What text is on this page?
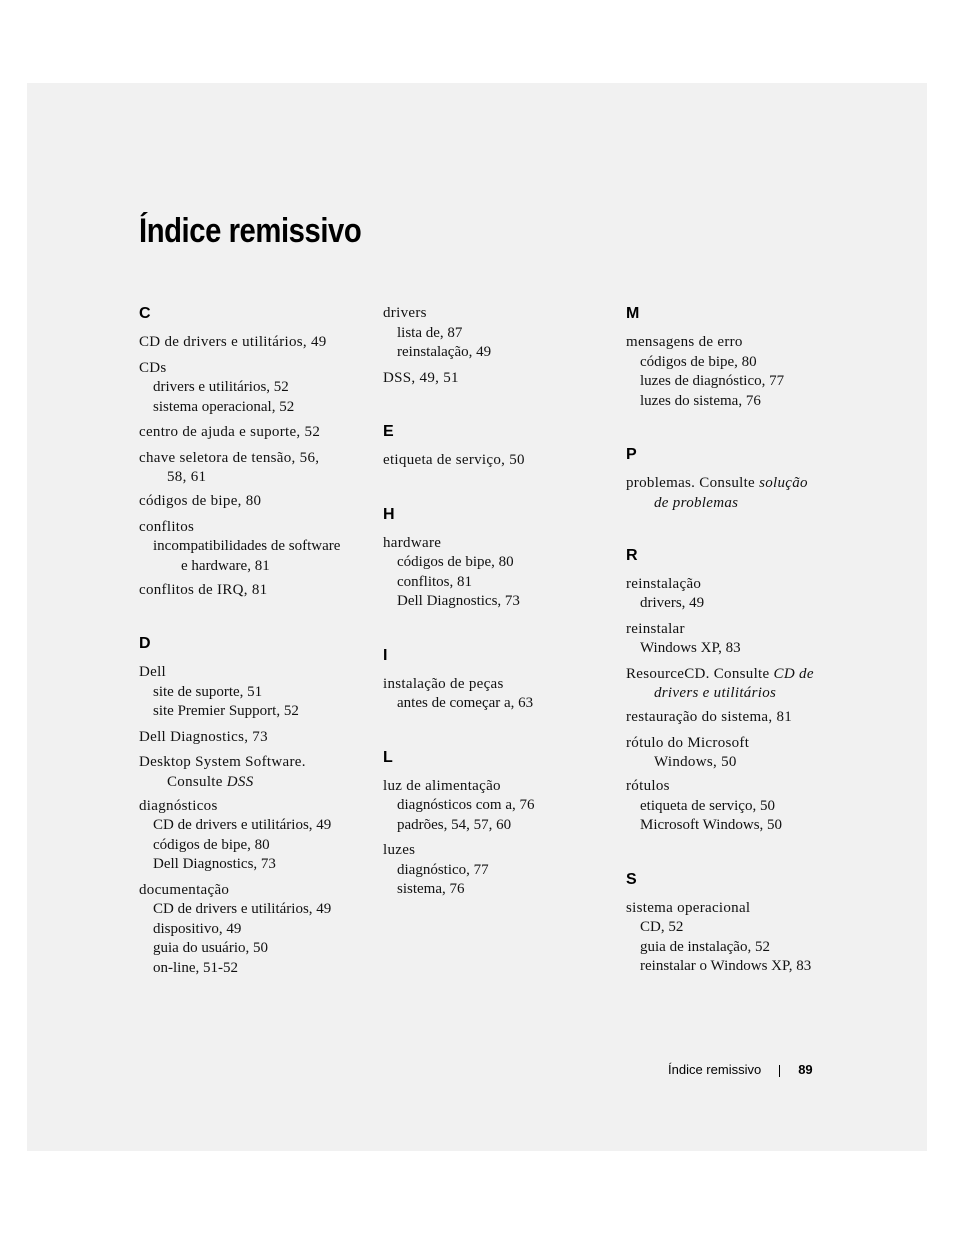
Índice remissivo
C
CD de drivers e utilitários, 49
CDs
drivers e utilitários, 52
sistema operacional, 52
centro de ajuda e suporte, 52
chave seletora de tensão, 56,
58, 61
códigos de bipe, 80
conflitos
incompatibilidades de software
e hardware, 81
conflitos de IRQ, 81
D
Dell
site de suporte, 51
site Premier Support, 52
Dell Diagnostics, 73
Desktop System Software.
Consulte DSS
diagnósticos
CD de drivers e utilitários, 49
códigos de bipe, 80
Dell Diagnostics, 73
documentação
CD de drivers e utilitários, 49
dispositivo, 49
guia do usuário, 50
on-line, 51-52
drivers
lista de, 87
reinstalação, 49
DSS, 49, 51
E
etiqueta de serviço, 50
H
hardware
códigos de bipe, 80
conflitos, 81
Dell Diagnostics, 73
I
instalação de peças
antes de começar a, 63
L
luz de alimentação
diagnósticos com a, 76
padrões, 54, 57, 60
luzes
diagnóstico, 77
sistema, 76
M
mensagens de erro
códigos de bipe, 80
luzes de diagnóstico, 77
luzes do sistema, 76
P
problemas. Consulte solução
de problemas
R
reinstalação
drivers, 49
reinstalar
Windows XP, 83
ResourceCD. Consulte CD de
drivers e utilitários
restauração do sistema, 81
rótulo do Microsoft
Windows, 50
rótulos
etiqueta de serviço, 50
Microsoft Windows, 50
S
sistema operacional
CD, 52
guia de instalação, 52
reinstalar o Windows XP, 83
Índice remissivo	89
